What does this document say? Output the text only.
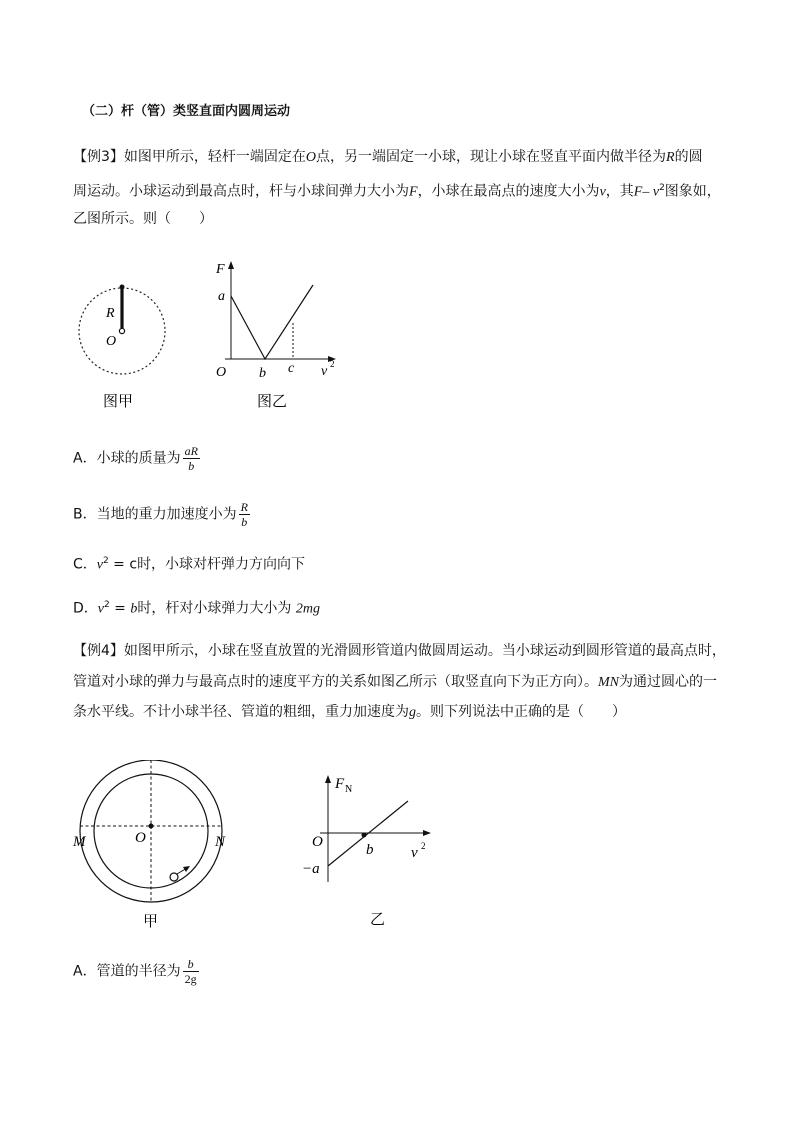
（二）杆（管）类竖直面内圆周运动
【例3】如图甲所示，轻杆一端固定在O点，另一端固定一小球，现让小球在竖直平面内做半径为R的圆
周运动。小球运动到最高点时，杆与小球间弹力大小为F，小球在最高点的速度大小为v，其F– $v^2$图象如，
乙图所示。则（　　）
R
O
图甲
F
a
O b c v 2
图乙
A．小球的质量为 $\frac{aR}{b}$
B．当地的重力加速度小为 $\frac{R}{b}$
C．$v^2 = c$时，小球对杆弹力方向向下
D．$v^2 = b$时，杆对小球弹力大小为 2mg
【例4】如图甲所示，小球在竖直放置的光滑圆形管道内做圆周运动。当小球运动到圆形管道的最高点时，
管道对小球的弹力与最高点时的速度平方的关系如图乙所示（取竖直向下为正方向）。MN为通过圆心的一
条水平线。不计小球半径、管道的粗细，重力加速度为g。则下列说法中正确的是（　　）
M	O	N
甲
F N
O	b
−a
v 2
乙
A．管道的半径为 $\frac{b}{2g}$
